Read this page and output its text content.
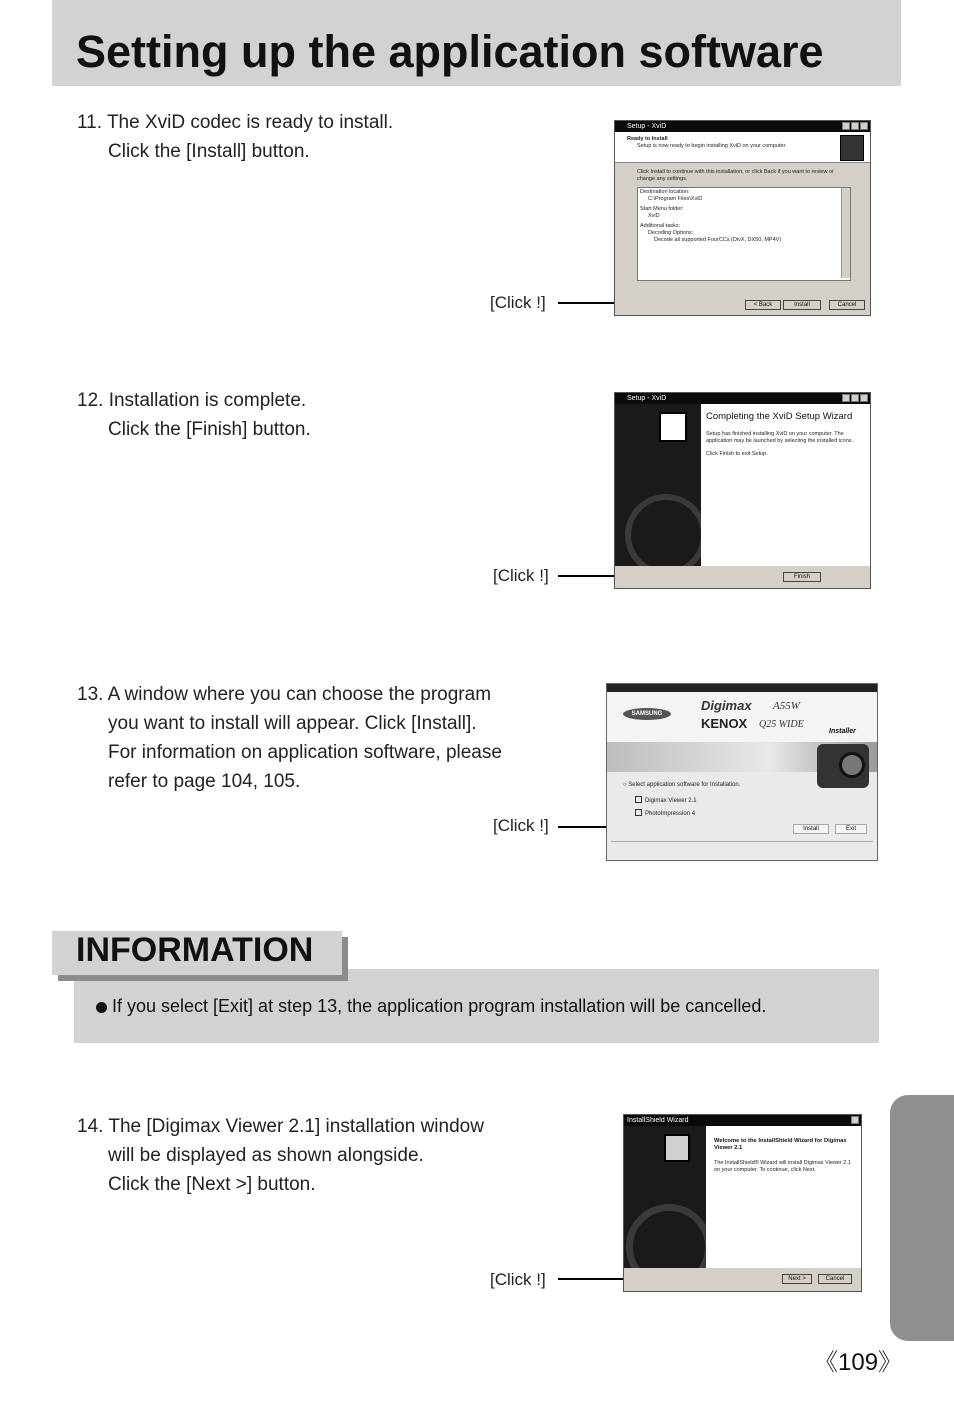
Setting up the application software
11. The XviD codec is ready to install.
Click the [Install] button.
[Click !]
Setup - XviD
Ready to Install
Setup is now ready to begin installing XviD on your computer.
Click Install to continue with this installation, or click Back if you want to review or change any settings.
Destination location:
C:\Program Files\XviD
Start Menu folder:
XviD
Additional tasks:
Decoding Options:
Decode all supported FourCCs (DivX, DX50, MP4V)
< Back	Install	Cancel
12. Installation is complete.
Click the [Finish] button.
[Click !]
Setup - XviD
Completing the XviD Setup Wizard
Setup has finished installing XviD on your computer. The application may be launched by selecting the installed icons.
Click Finish to exit Setup.
Finish
13. A window where you can choose the program
you want to install will appear. Click [Install].
For information on application software, please
refer to page 104, 105.
[Click !]
SAMSUNG
Digimax A55W
KENOX Q25 WIDE
Installer
○ Select application software for Installation.
Digimax Viewer 2.1
PhotoImpression 4
Install	Exit
INFORMATION
If you select [Exit] at step 13, the application program installation will be cancelled.
14. The [Digimax Viewer 2.1] installation window
will be displayed as shown alongside.
Click the [Next >] button.
[Click !]
InstallShield Wizard
Welcome to the InstallShield Wizard for Digimax Viewer 2.1
The InstallShield® Wizard will install Digimax Viewer 2.1 on your computer. To continue, click Next.
Next >	Cancel
《109》
